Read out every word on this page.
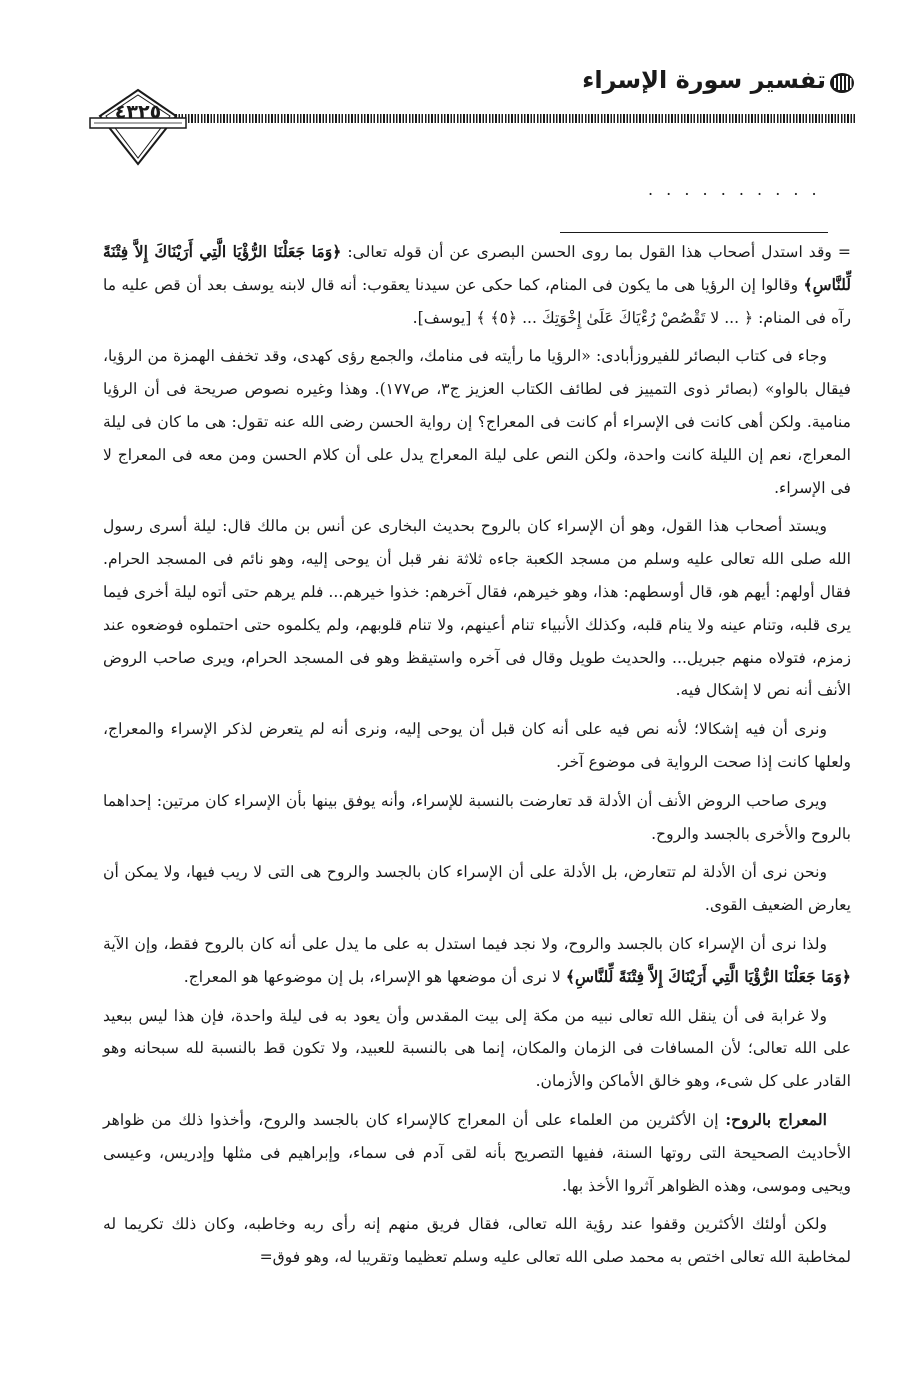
تفسير سورة الإسراء
٤٣٢٥
. . . . . . . . . .

= وقد استدل أصحاب هذا القول بما روى الحسن البصرى عن أن قوله تعالى: ﴿وَمَا جَعَلْنَا الرُّؤْيَا الَّتِي أَرَيْنَاكَ إِلاَّ فِتْنَةً لِّلنَّاسِ﴾ وقالوا إن الرؤيا هى ما يكون فى المنام، كما حكى عن سيدنا يعقوب: أنه قال لابنه يوسف بعد أن قص عليه ما رآه فى المنام: ﴿ ... لا تَقْصُصْ رُءْيَاكَ عَلَىٰ إِخْوَتِكَ ... ﴿٥﴾ ﴾ [يوسف].

وجاء فى كتاب البصائر للفيروزأبادى: «الرؤيا ما رأيته فى منامك، والجمع رؤى كهدى، وقد تخفف الهمزة من الرؤيا، فيقال بالواو» (بصائر ذوى التمييز فى لطائف الكتاب العزيز ج٣، ص١٧٧). وهذا وغيره نصوص صريحة فى أن الرؤيا منامية. ولكن أهى كانت فى الإسراء أم كانت فى المعراج؟ إن رواية الحسن رضى الله عنه تقول: هى ما كان فى ليلة المعراج، نعم إن الليلة كانت واحدة، ولكن النص على ليلة المعراج يدل على أن كلام الحسن ومن معه فى المعراج لا فى الإسراء.

ويستد أصحاب هذا القول، وهو أن الإسراء كان بالروح بحديث البخارى عن أنس بن مالك قال: ليلة أسرى رسول الله صلى الله تعالى عليه وسلم من مسجد الكعبة جاءه ثلاثة نفر قبل أن يوحى إليه، وهو نائم فى المسجد الحرام. فقال أولهم: أيهم هو، قال أوسطهم: هذا، وهو خيرهم، فقال آخرهم: خذوا خيرهم... فلم يرهم حتى أتوه ليلة أخرى فيما يرى قلبه، وتنام عينه ولا ينام قلبه، وكذلك الأنبياء تنام أعينهم، ولا تنام قلوبهم، ولم يكلموه حتى احتملوه فوضعوه عند زمزم، فتولاه منهم جبريل... والحديث طويل وقال فى آخره واستيقظ وهو فى المسجد الحرام، ويرى صاحب الروض الأنف أنه نص لا إشكال فيه.

ونرى أن فيه إشكالا؛ لأنه نص فيه على أنه كان قبل أن يوحى إليه، ونرى أنه لم يتعرض لذكر الإسراء والمعراج، ولعلها كانت إذا صحت الرواية فى موضوع آخر.

ويرى صاحب الروض الأنف أن الأدلة قد تعارضت بالنسبة للإسراء، وأنه يوفق بينها بأن الإسراء كان مرتين: إحداهما بالروح والأخرى بالجسد والروح.

ونحن نرى أن الأدلة لم تتعارض، بل الأدلة على أن الإسراء كان بالجسد والروح هى التى لا ريب فيها، ولا يمكن أن يعارض الضعيف القوى.

ولذا نرى أن الإسراء كان بالجسد والروح، ولا نجد فيما استدل به على ما يدل على أنه كان بالروح فقط، وإن الآية ﴿وَمَا جَعَلْنَا الرُّؤْيَا الَّتِي أَرَيْنَاكَ إِلاَّ فِتْنَةً لِّلنَّاسِ﴾ لا نرى أن موضعها هو الإسراء، بل إن موضوعها هو المعراج.

ولا غرابة فى أن ينقل الله تعالى نبيه من مكة إلى بيت المقدس وأن يعود به فى ليلة واحدة، فإن هذا ليس ببعيد على الله تعالى؛ لأن المسافات فى الزمان والمكان، إنما هى بالنسبة للعبيد، ولا تكون قط بالنسبة لله سبحانه وهو القادر على كل شىء، وهو خالق الأماكن والأزمان.

المعراج بالروح: إن الأكثرين من العلماء على أن المعراج كالإسراء كان بالجسد والروح، وأخذوا ذلك من ظواهر الأحاديث الصحيحة التى روتها السنة، ففيها التصريح بأنه لقى آدم فى سماء، وإبراهيم فى مثلها وإدريس، وعيسى ويحيى وموسى، وهذه الظواهر آثروا الأخذ بها.

ولكن أولئك الأكثرين وقفوا عند رؤية الله تعالى، فقال فريق منهم إنه رأى ربه وخاطبه، وكان ذلك تكريما له لمخاطبة الله تعالى اختص به محمد صلى الله تعالى عليه وسلم تعظيما وتقريبا له، وهو فوق=
